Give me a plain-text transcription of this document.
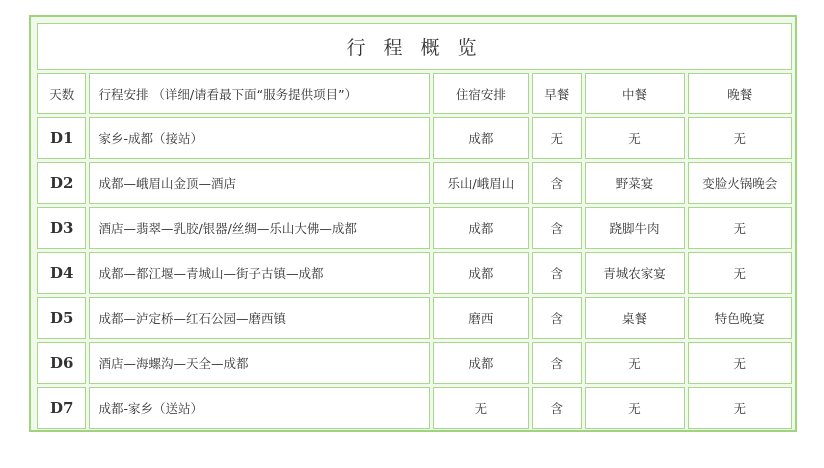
行 程 概 览					
天数	行程安排 （详细/请看最下面“服务提供项目”）	住宿安排	早餐	中餐	晚餐
D1	家乡-成都（接站）	成都	无	无	无
D2	成都—峨眉山金顶—酒店	乐山/峨眉山	含	野菜宴	变脸火锅晚会
D3	酒店—翡翠—乳胶/银器/丝绸—乐山大佛—成都	成都	含	跷脚牛肉	无
D4	成都—都江堰—青城山—街子古镇—成都	成都	含	青城农家宴	无
D5	成都—泸定桥—红石公园—磨西镇	磨西	含	桌餐	特色晚宴
D6	酒店—海螺沟—天全—成都	成都	含	无	无
D7	成都-家乡（送站）	无	含	无	无
